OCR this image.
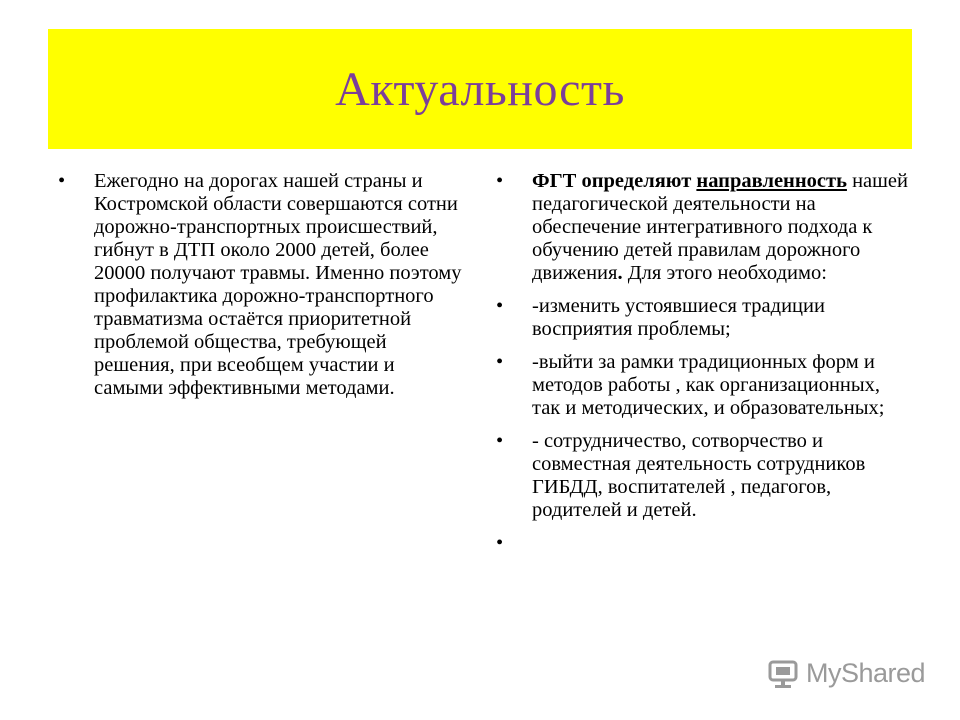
Актуальность
• Ежегодно на дорогах нашей страны и Костромской области совершаются сотни дорожно-транспортных происшествий, гибнут в ДТП около 2000 детей, более 20000 получают травмы. Именно поэтому профилактика дорожно-транспортного травматизма остаётся приоритетной проблемой общества, требующей решения, при всеобщем участии и самыми эффективными методами.
• ФГТ определяют направленность нашей педагогической деятельности на обеспечение интегративного подхода к обучению детей правилам дорожного движения. Для этого необходимо:
• -изменить устоявшиеся традиции восприятия проблемы;
• -выйти за рамки традиционных форм и методов работы , как организационных, так и методических, и образовательных;
• - сотрудничество, сотворчество и совместная деятельность сотрудников ГИБДД, воспитателей , педагогов, родителей и детей.
•
MyShared
